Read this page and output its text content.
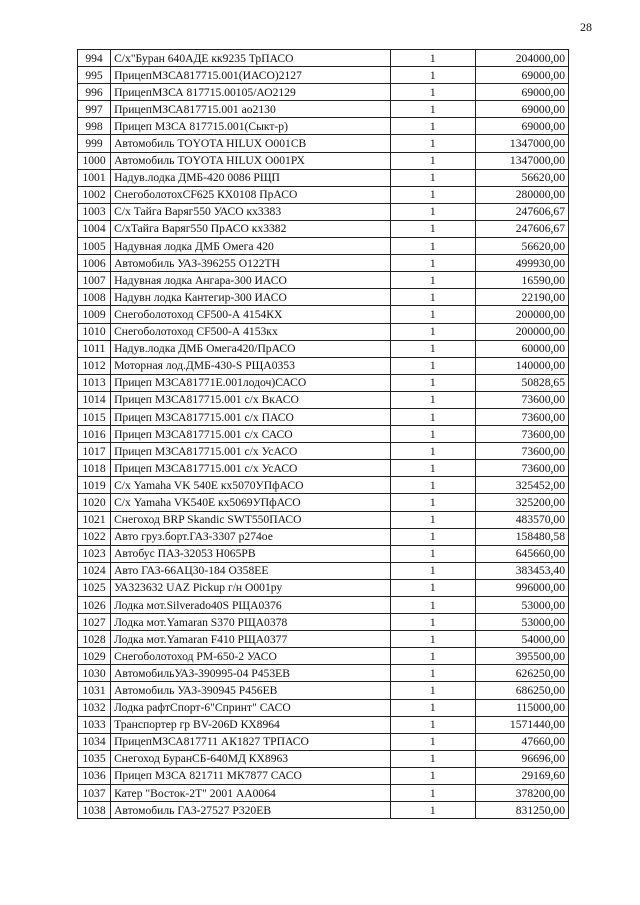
28
994	С/х"Буран 640АДЕ кк9235 ТрПАСО	1	204000,00
995	ПрицепМЗСА817715.001(ИАСО)2127	1	69000,00
996	ПрицепМЗСА 817715.00105/АО2129	1	69000,00
997	ПрицепМЗСА817715.001 ао2130	1	69000,00
998	Прицеп МЗСА 817715.001(Сыкт-р)	1	69000,00
999	Автомобиль TOYOTA HILUX О001СВ	1	1347000,00
1000	Автомобиль TOYOTA HILUX О001РХ	1	1347000,00
1001	Надув.лодка ДМБ-420 0086 РЩП	1	56620,00
1002	СнегоболотохCF625 КХ0108 ПрАСО	1	280000,00
1003	С/х Тайга Варяг550 УАСО кх3383	1	247606,67
1004	С/хТайга Варяг550 ПрАСО кх3382	1	247606,67
1005	Надувная лодка ДМБ Омега 420	1	56620,00
1006	Автомобиль УАЗ-396255 О122ТН	1	499930,00
1007	Надувная лодка Ангара-300 ИАСО	1	16590,00
1008	Надувн лодка Кантегир-300 ИАСО	1	22190,00
1009	Снегоболотоход CF500-А 4154КХ	1	200000,00
1010	Снегоболотоход CF500-А 4153кх	1	200000,00
1011	Надув.лодка ДМБ Омега420/ПрАСО	1	60000,00
1012	Моторная лод.ДМБ-430-S РЩА0353	1	140000,00
1013	Прицеп МЗСА81771Е.001лодоч)САСО	1	50828,65
1014	Прицеп МЗСА817715.001 с/х ВкАСО	1	73600,00
1015	Прицеп МЗСА817715.001 с/х ПАСО	1	73600,00
1016	Прицеп МЗСА817715.001 с/х САСО	1	73600,00
1017	Прицеп МЗСА817715.001 с/х УсАСО	1	73600,00
1018	Прицеп МЗСА817715.001 с/х УсАСО	1	73600,00
1019	С/х Yamaha VK 540Е кх5070УПфАСО	1	325452,00
1020	С/х Yamaha VK540Е кх5069УПфАСО	1	325200,00
1021	Снегоход BRP Skandic SWT550ПАСО	1	483570,00
1022	Авто груз.борт.ГАЗ-3307 р274ое	1	158480,58
1023	Автобус ПАЗ-32053 Н065РВ	1	645660,00
1024	Авто ГАЗ-66АЦ30-184 О358ЕЕ	1	383453,40
1025	УА323632 UAZ Pickup г/н О001ру	1	996000,00
1026	Лодка мот.Silverado40S РЩА0376	1	53000,00
1027	Лодка мот.Yamaran S370 РЩА0378	1	53000,00
1028	Лодка мот.Yamaran F410 РЩА0377	1	54000,00
1029	Снегоболотоход РМ-650-2 УАСО	1	395500,00
1030	АвтомобильУАЗ-390995-04 Р453ЕВ	1	626250,00
1031	Автомобиль УАЗ-390945 Р456ЕВ	1	686250,00
1032	Лодка рафтСпорт-6"Спринт" САСО	1	115000,00
1033	Транспортер гр BV-206D КХ8964	1	1571440,00
1034	ПрицепМЗСА817711 АК1827 ТРПАСО	1	47660,00
1035	Снегоход БуранСБ-640МД КХ8963	1	96696,00
1036	Прицеп МЗСА 821711 МК7877 САСО	1	29169,60
1037	Катер "Восток-2Т" 2001 АА0064	1	378200,00
1038	Автомобиль ГАЗ-27527 Р320ЕВ	1	831250,00
